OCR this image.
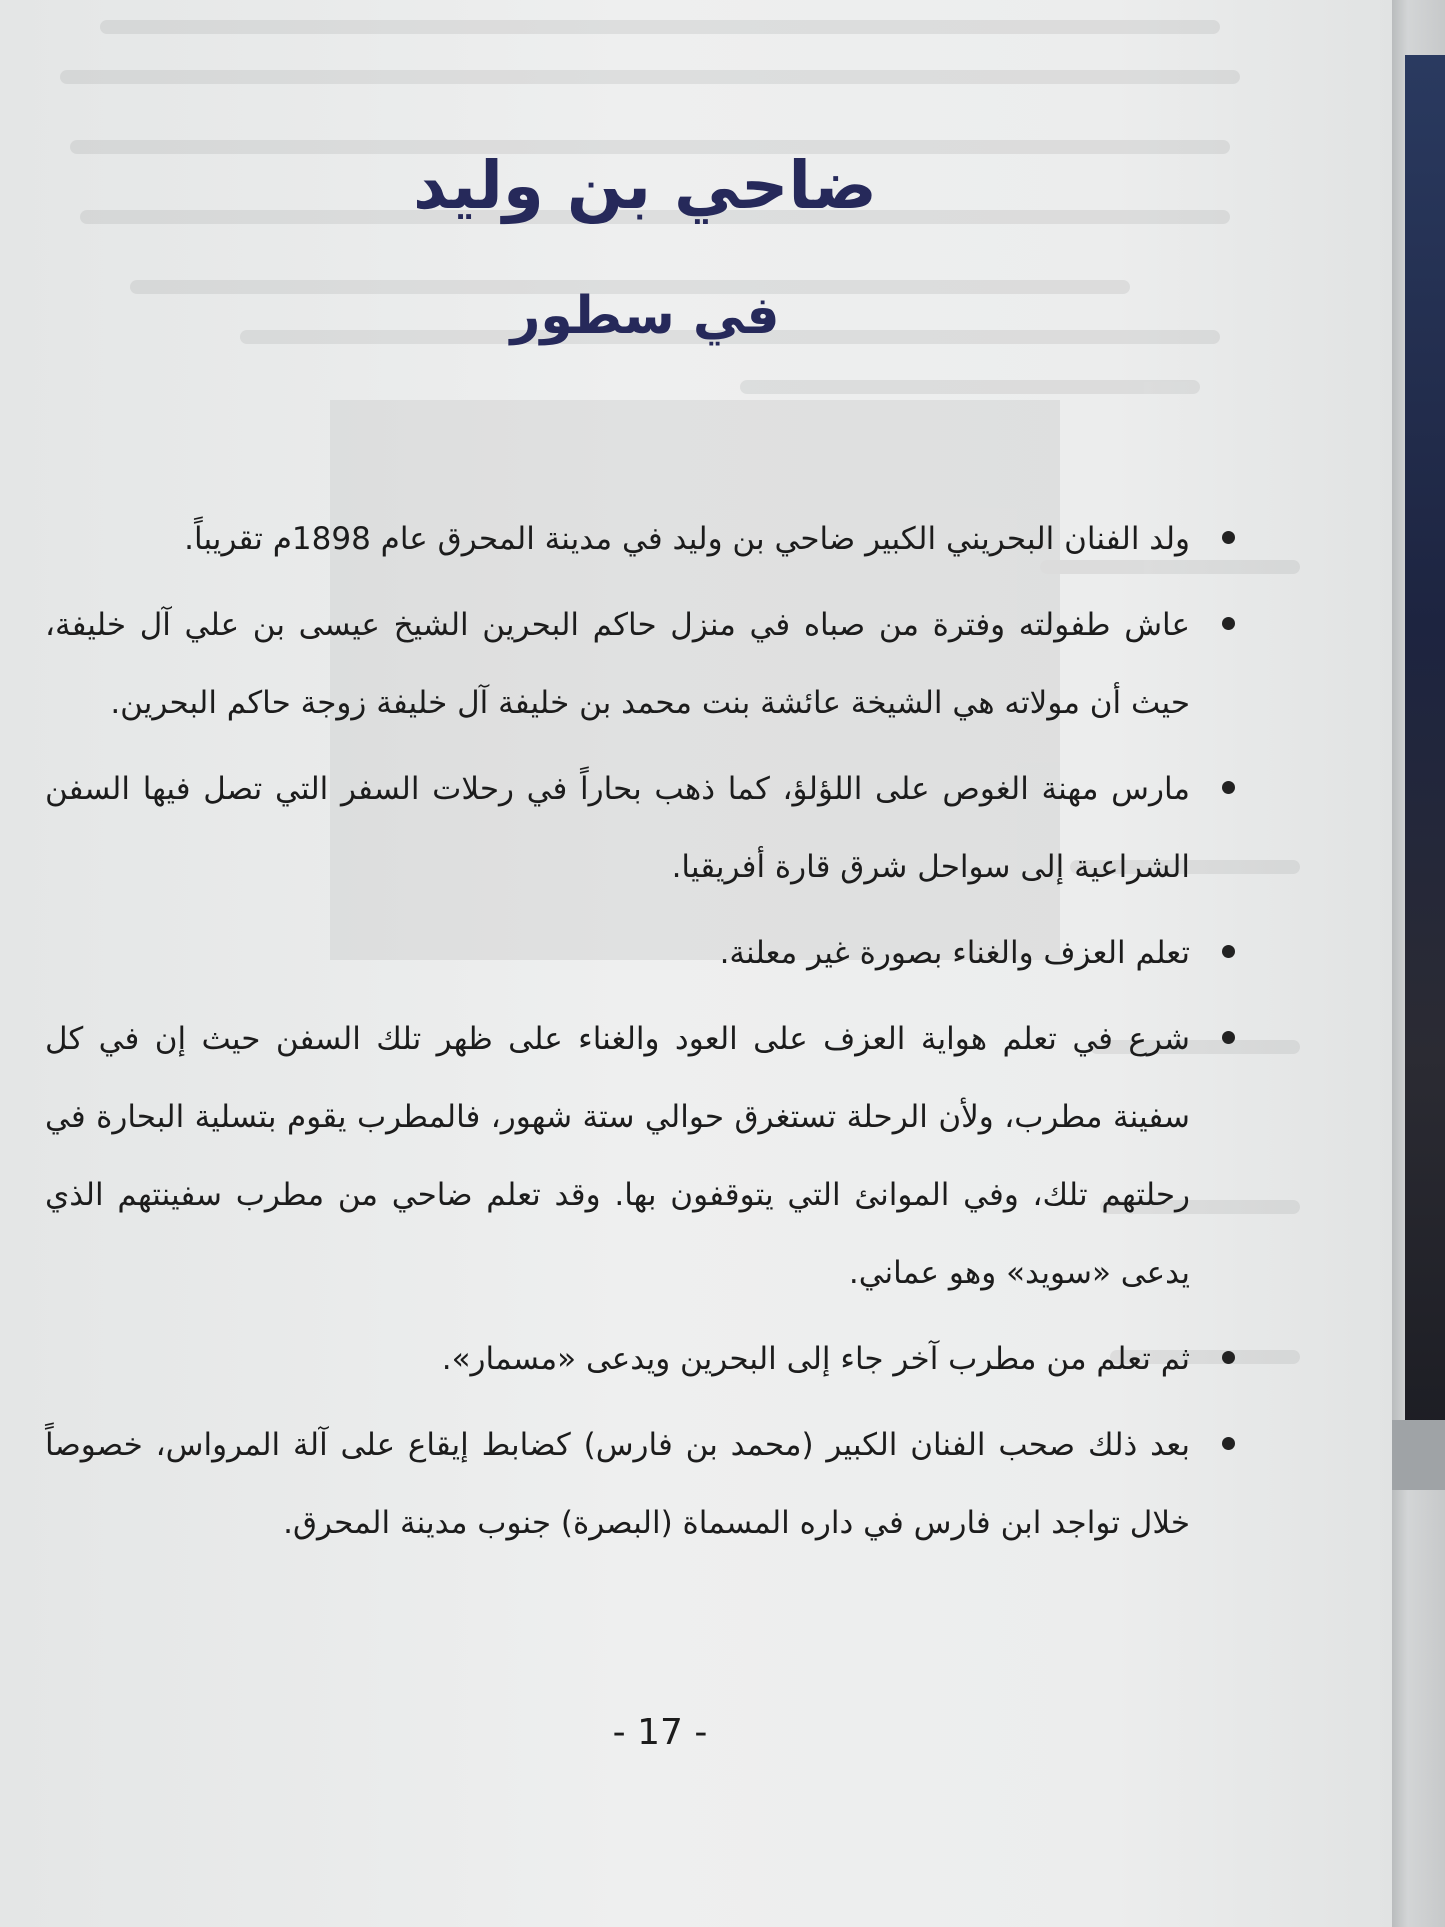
ضاحي بن وليد
في سطور
ولد الفنان البحريني الكبير ضاحي بن وليد في مدينة المحرق عام 1898م تقريباً.
عاش طفولته وفترة من صباه في منزل حاكم البحرين الشيخ عيسى بن علي آل خليفة، حيث أن مولاته هي الشيخة عائشة بنت محمد بن خليفة آل خليفة زوجة حاكم البحرين.
مارس مهنة الغوص على اللؤلؤ، كما ذهب بحاراً في رحلات السفر التي تصل فيها السفن الشراعية إلى سواحل شرق قارة أفريقيا.
تعلم العزف والغناء بصورة غير معلنة.
شرع في تعلم هواية العزف على العود والغناء على ظهر تلك السفن حيث إن في كل سفينة مطرب، ولأن الرحلة تستغرق حوالي ستة شهور، فالمطرب يقوم بتسلية البحارة في رحلتهم تلك، وفي الموانئ التي يتوقفون بها. وقد تعلم ضاحي من مطرب سفينتهم الذي يدعى «سويد» وهو عماني.
ثم تعلم من مطرب آخر جاء إلى البحرين ويدعى «مسمار».
بعد ذلك صحب الفنان الكبير (محمد بن فارس) كضابط إيقاع على آلة المرواس، خصوصاً خلال تواجد ابن فارس في داره المسماة (البصرة) جنوب مدينة المحرق.
- 17 -
